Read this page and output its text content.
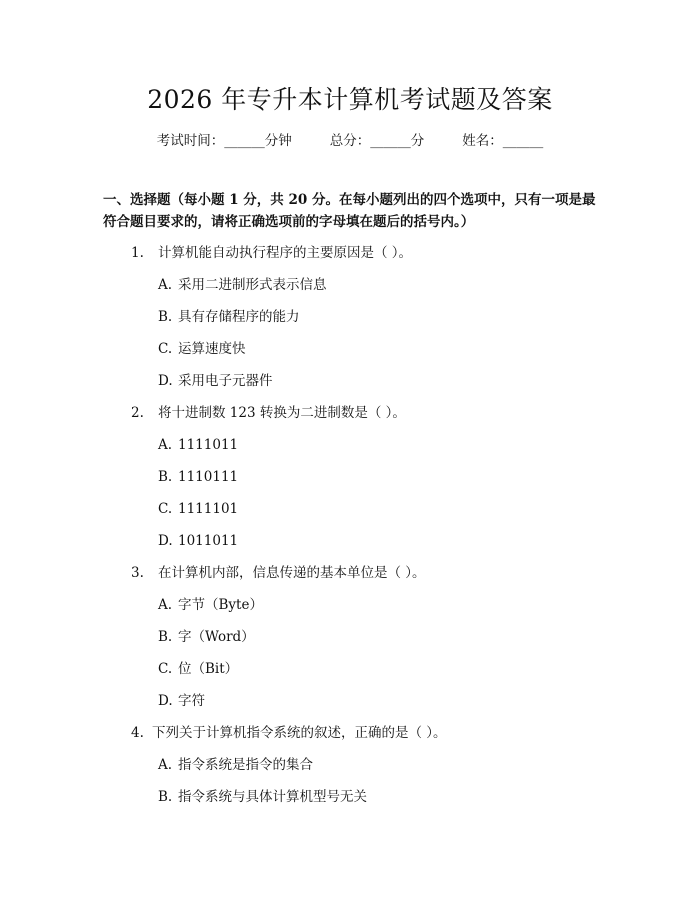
2026 年专升本计算机考试题及答案
考试时间：______分钟	总分：______分	姓名：______
一、选择题（每小题 1 分，共 20 分。在每小题列出的四个选项中，只有一项是最符合题目要求的，请将正确选项前的字母填在题后的括号内。）
1. 计算机能自动执行程序的主要原因是（ ）。
A. 采用二进制形式表示信息
B. 具有存储程序的能力
C. 运算速度快
D. 采用电子元器件
2. 将十进制数 123 转换为二进制数是（ ）。
A. 1111011
B. 1110111
C. 1111101
D. 1011011
3. 在计算机内部，信息传递的基本单位是（ ）。
A. 字节（Byte）
B. 字（Word）
C. 位（Bit）
D. 字符
4. 下列关于计算机指令系统的叙述，正确的是（ ）。
A. 指令系统是指令的集合
B. 指令系统与具体计算机型号无关
